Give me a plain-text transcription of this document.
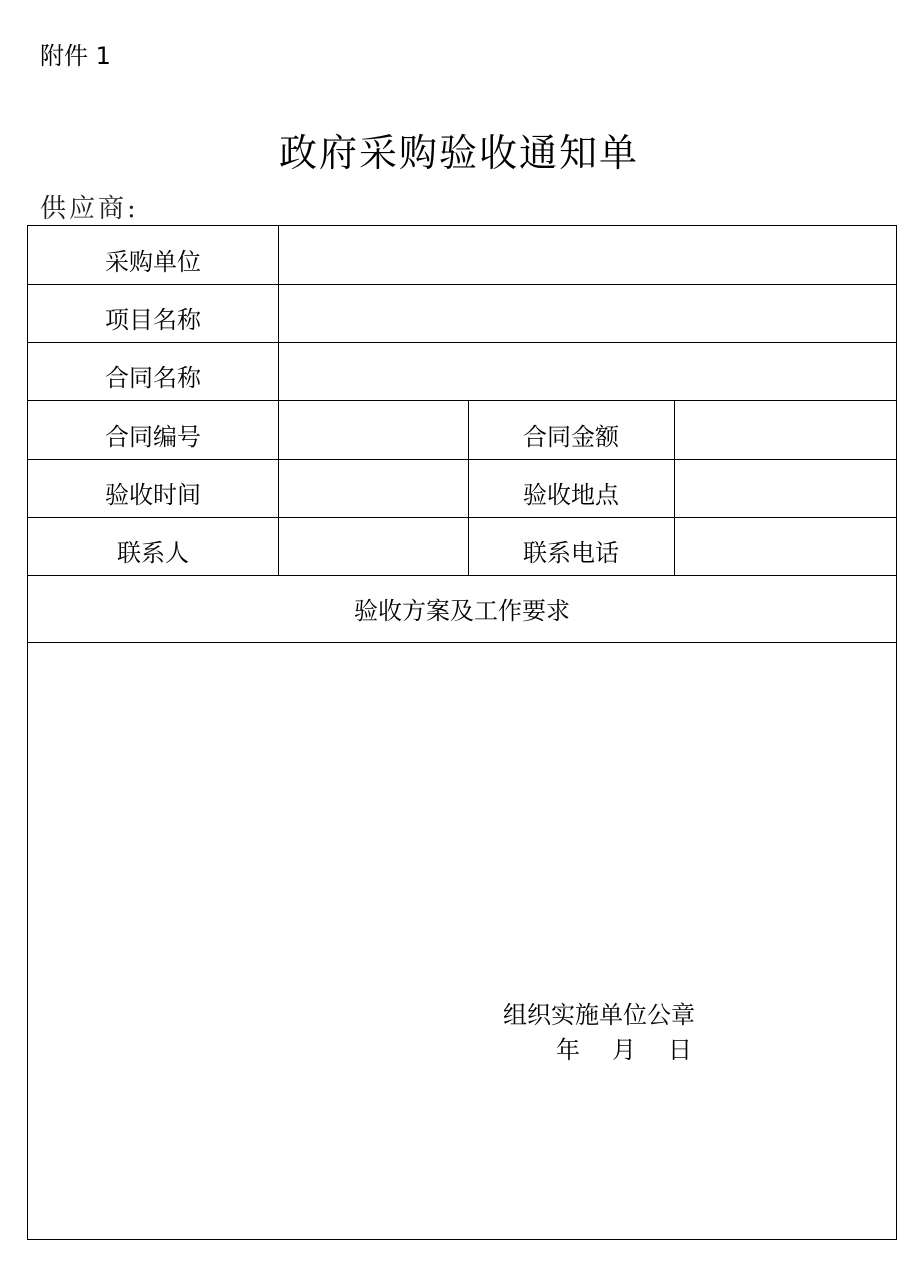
附件 1
政府采购验收通知单
供应商:
采购单位
项目名称
合同名称
合同编号	合同金额
验收时间	验收地点
联系人	联系电话
验收方案及工作要求
组织实施单位公章
年　月　日
